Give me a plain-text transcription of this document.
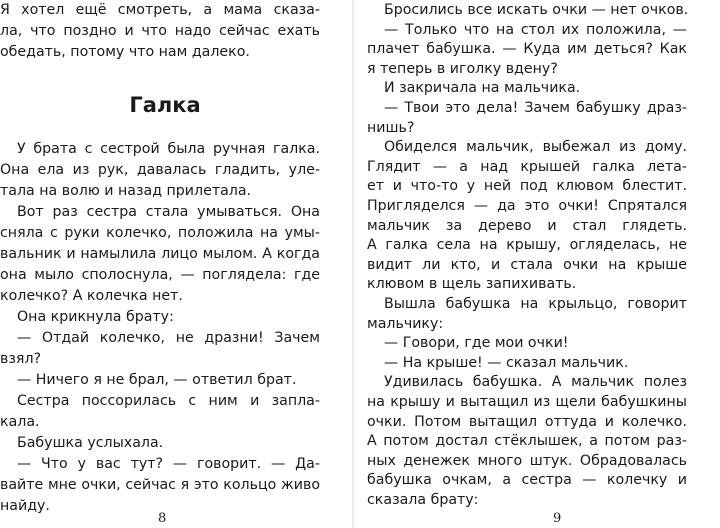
Я хотел ещё смотреть, а мама сказа-
ла, что поздно и что надо сейчас ехать
обедать, потому что нам далеко.
Галка
У брата с сестрой была ручная галка.
Она ела из рук, давалась гладить, уле-
тала на волю и назад прилетала.
Вот раз сестра стала умываться. Она
сняла с руки колечко, положила на умы-
вальник и намылила лицо мылом. А когда
она мыло сполоснула, — поглядела: где
колечко? А колечка нет.
Она крикнула брату:
— Отдай колечко, не дразни! Зачем
взял?
— Ничего я не брал, — ответил брат.
Сестра поссорилась с ним и запла-
кала.
Бабушка услыхала.
— Что у вас тут? — говорит. — Да-
вайте мне очки, сейчас я это кольцо живо
найду.
8
Бросились все искать очки — нет очков.
— Только что на стол их положила, —
плачет бабушка. — Куда им деться? Как
я теперь в иголку вдену?
И закричала на мальчика.
— Твои это дела! Зачем бабушку драз-
нишь?
Обиделся мальчик, выбежал из дому.
Глядит — а над крышей галка лета-
ет и что-то у ней под клювом блестит.
Пригляделся — да это очки! Спрятался
мальчик за дерево и стал глядеть.
А галка села на крышу, огляделась, не
видит ли кто, и стала очки на крыше
клювом в щель запихивать.
Вышла бабушка на крыльцо, говорит
мальчику:
— Говори, где мои очки!
— На крыше! — сказал мальчик.
Удивилась бабушка. А мальчик полез
на крышу и вытащил из щели бабушкины
очки. Потом вытащил оттуда и колечко.
А потом достал стёклышек, а потом раз-
ных денежек много штук. Обрадовалась
бабушка очкам, а сестра — колечку и
сказала брату:
9
